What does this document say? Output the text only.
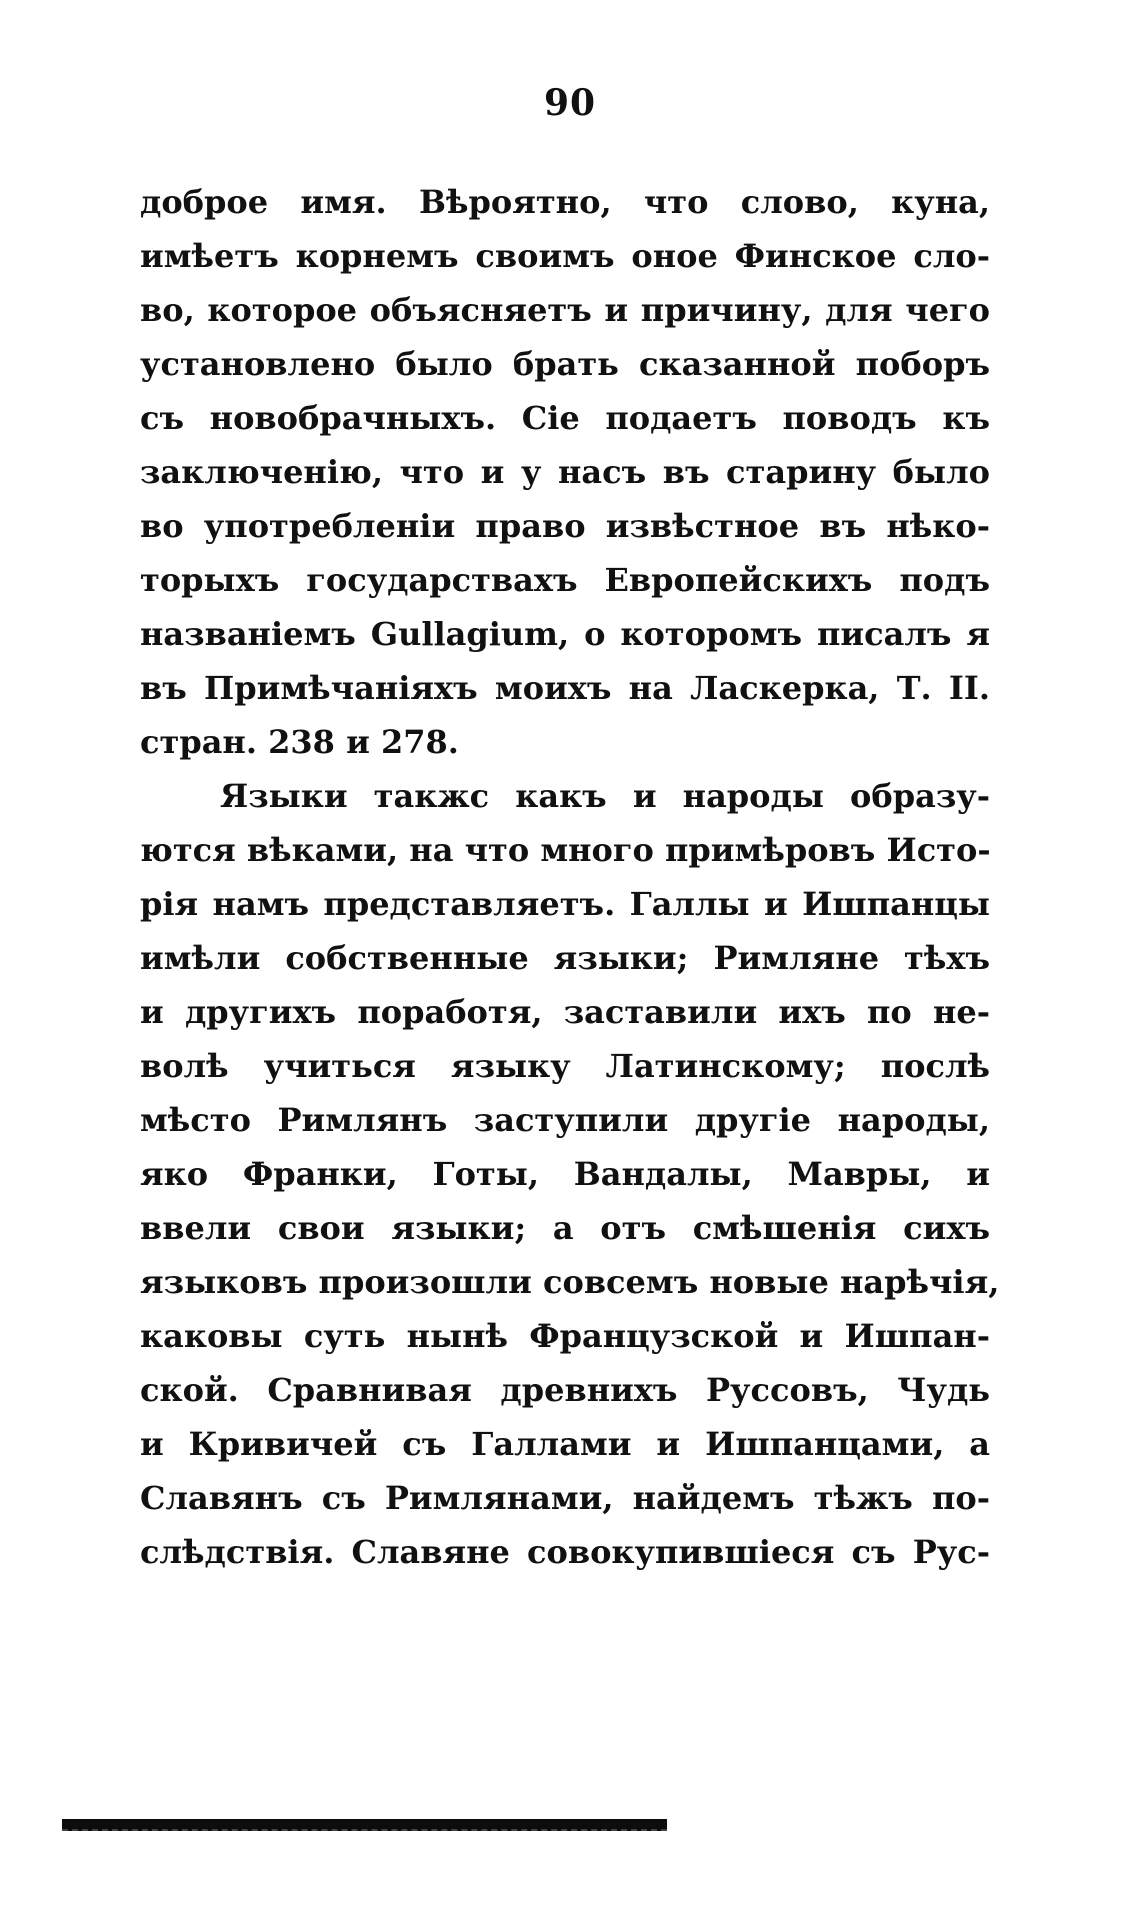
90
доброе имя. Вѣроятно, что слово, куна,
имѣетъ корнемъ своимъ оное Финское сло-
во, которое объясняетъ и причину, для чего
установлено было брать сказанной поборъ
съ новобрачныхъ. Сіе подаетъ поводъ къ
заключенію, что и у насъ въ старину было
во употребленіи право извѣстное въ нѣко-
торыхъ государствахъ Европейскихъ подъ
названіемъ Gullagium, о которомъ писалъ я
въ Примѣчаніяхъ моихъ на Ласкерка, Т. II.
стран. 238 и 278.
Языки такжс какъ и народы образу-
ются вѣками, на что много примѣровъ Исто-
рія намъ представляетъ. Галлы и Ишпанцы
имѣли собственные языки; Римляне тѣхъ
и другихъ поработя, заставили ихъ по не-
волѣ учиться языку Латинскому; послѣ
мѣсто Римлянъ заступили другіе народы,
яко Франки, Готы, Вандалы, Мавры, и
ввели свои языки; а отъ смѣшенія сихъ
языковъ произошли совсемъ новые нарѣчія,
каковы суть нынѣ Французской и Ишпан-
ской. Сравнивая древнихъ Руссовъ, Чудь
и Кривичей съ Галлами и Ишпанцами, а
Славянъ съ Римлянами, найдемъ тѣжъ по-
слѣдствія. Славяне совокупившіеся съ Рус-
